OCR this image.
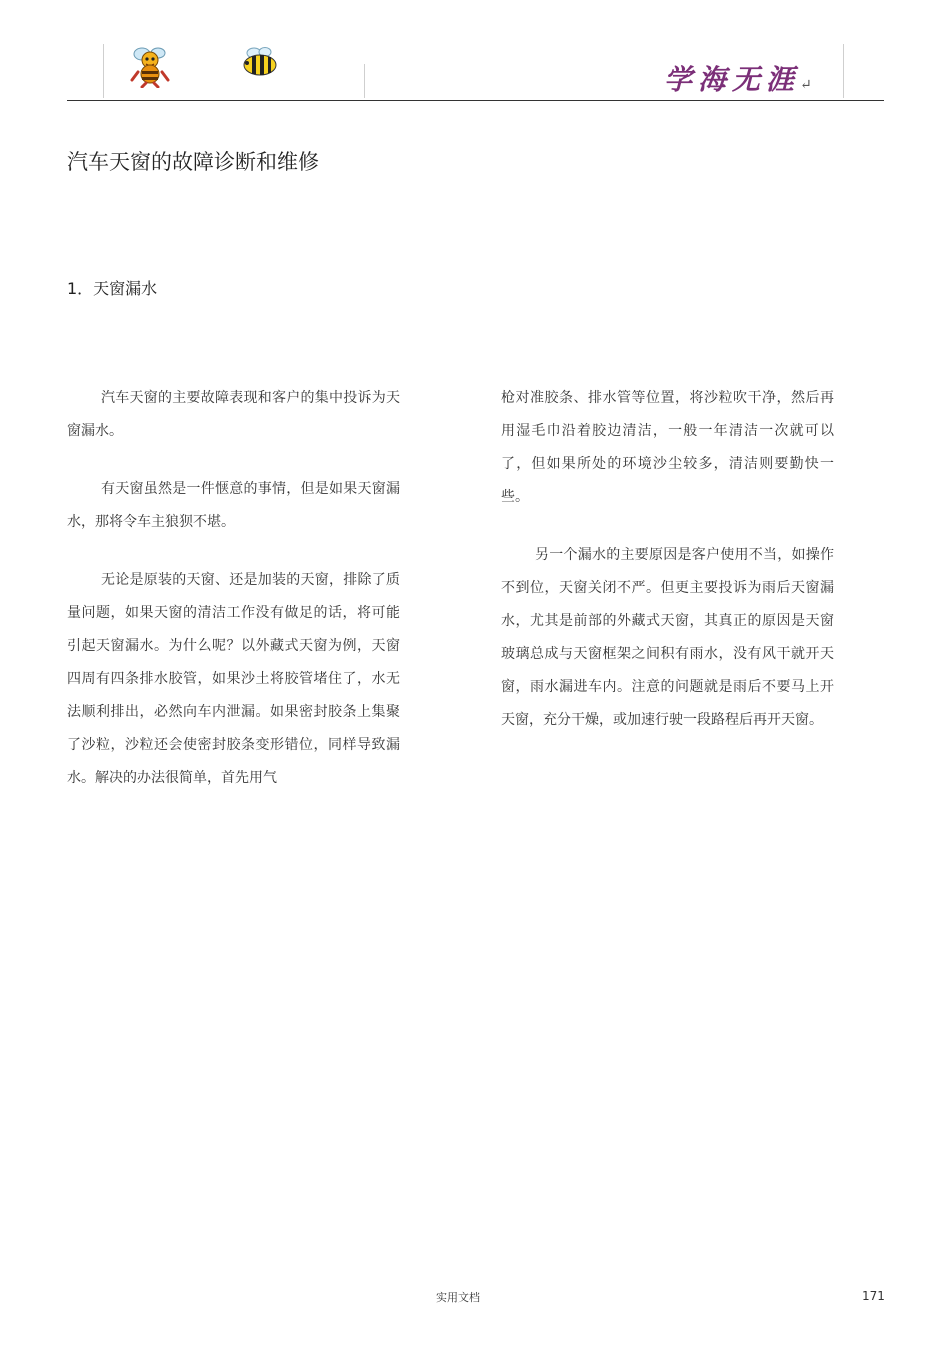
学海无涯↵
汽车天窗的故障诊断和维修
1．天窗漏水

汽车天窗的主要故障表现和客户的集中投诉为天窗漏水。

有天窗虽然是一件惬意的事情，但是如果天窗漏水，那将令车主狼狈不堪。

无论是原装的天窗、还是加装的天窗，排除了质量问题，如果天窗的清洁工作没有做足的话，将可能引起天窗漏水。为什么呢？以外藏式天窗为例，天窗四周有四条排水胶管，如果沙土将胶管堵住了，水无法顺利排出，必然向车内泄漏。如果密封胶条上集聚了沙粒，沙粒还会使密封胶条变形错位，同样导致漏水。解决的办法很简单，首先用气

枪对准胶条、排水管等位置，将沙粒吹干净，然后再用湿毛巾沿着胶边清洁，一般一年清洁一次就可以了，但如果所处的环境沙尘较多，清洁则要勤快一些。

另一个漏水的主要原因是客户使用不当，如操作不到位，天窗关闭不严。但更主要投诉为雨后天窗漏水，尤其是前部的外藏式天窗，其真正的原因是天窗玻璃总成与天窗框架之间积有雨水，没有风干就开天窗，雨水漏进车内。注意的问题就是雨后不要马上开天窗，充分干燥，或加速行驶一段路程后再开天窗。

实用文档	171
